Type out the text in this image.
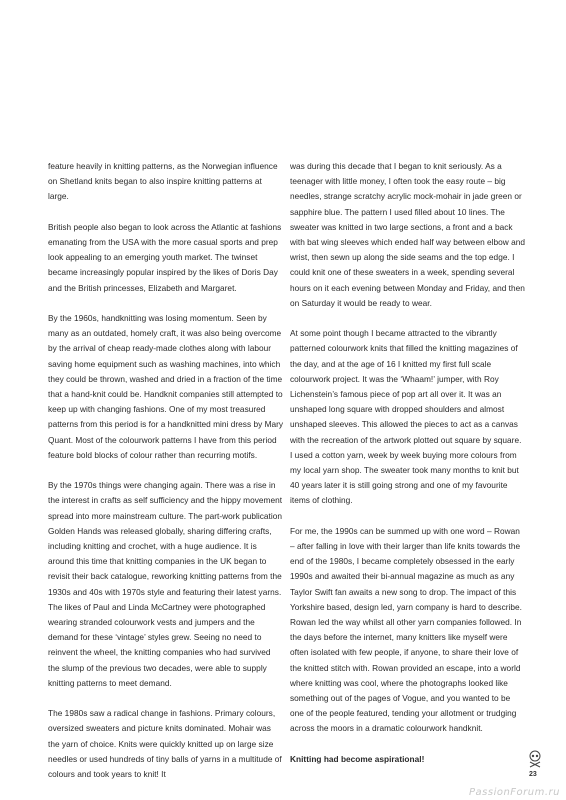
feature heavily in knitting patterns, as the Norwegian influence on Shetland knits began to also inspire knitting patterns at large.

British people also began to look across the Atlantic at fashions emanating from the USA with the more casual sports and prep look appealing to an emerging youth market. The twinset became increasingly popular inspired by the likes of Doris Day and the British princesses, Elizabeth and Margaret.

By the 1960s, handknitting was losing momentum. Seen by many as an outdated, homely craft, it was also being overcome by the arrival of cheap ready-made clothes along with labour saving home equipment such as washing machines, into which they could be thrown, washed and dried in a fraction of the time that a hand-knit could be. Handknit companies still attempted to keep up with changing fashions. One of my most treasured patterns from this period is for a handknitted mini dress by Mary Quant. Most of the colourwork patterns I have from this period feature bold blocks of colour rather than recurring motifs.

By the 1970s things were changing again. There was a rise in the interest in crafts as self sufficiency and the hippy movement spread into more mainstream culture. The part-work publication Golden Hands was released globally, sharing differing crafts, including knitting and crochet, with a huge audience. It is around this time that knitting companies in the UK began to revisit their back catalogue, reworking knitting patterns from the 1930s and 40s with 1970s style and featuring their latest yarns. The likes of Paul and Linda McCartney were photographed wearing stranded colourwork vests and jumpers and the demand for these ‘vintage’ styles grew. Seeing no need to reinvent the wheel, the knitting companies who had survived the slump of the previous two decades, were able to supply knitting patterns to meet demand.

The 1980s saw a radical change in fashions. Primary colours, oversized sweaters and picture knits dominated. Mohair was the yarn of choice. Knits were quickly knitted up on large size needles or used hundreds of tiny balls of yarns in a multitude of colours and took years to knit! It

was during this decade that I began to knit seriously. As a teenager with little money, I often took the easy route – big needles, strange scratchy acrylic mock-mohair in jade green or sapphire blue. The pattern I used filled about 10 lines. The sweater was knitted in two large sections, a front and a back with bat wing sleeves which ended half way between elbow and wrist, then sewn up along the side seams and the top edge. I could knit one of these sweaters in a week, spending several hours on it each evening between Monday and Friday, and then on Saturday it would be ready to wear.

At some point though I became attracted to the vibrantly patterned colourwork knits that filled the knitting magazines of the day, and at the age of 16 I knitted my first full scale colourwork project. It was the ‘Whaam!’ jumper, with Roy Lichenstein’s famous piece of pop art all over it. It was an unshaped long square with dropped shoulders and almost unshaped sleeves. This allowed the pieces to act as a canvas with the recreation of the artwork plotted out square by square. I used a cotton yarn, week by week buying more colours from my local yarn shop. The sweater took many months to knit but 40 years later it is still going strong and one of my favourite items of clothing.

For me, the 1990s can be summed up with one word – Rowan – after falling in love with their larger than life knits towards the end of the 1980s, I became completely obsessed in the early 1990s and awaited their bi-annual magazine as much as any Taylor Swift fan awaits a new song to drop. The impact of this Yorkshire based, design led, yarn company is hard to describe. Rowan led the way whilst all other yarn companies followed. In the days before the internet, many knitters like myself were often isolated with few people, if anyone, to share their love of the knitted stitch with. Rowan provided an escape, into a world where knitting was cool, where the photographs looked like something out of the pages of Vogue, and you wanted to be one of the people featured, tending your allotment or trudging across the moors in a dramatic colourwork handknit.

Knitting had become aspirational!

23
PassionForum.ru
